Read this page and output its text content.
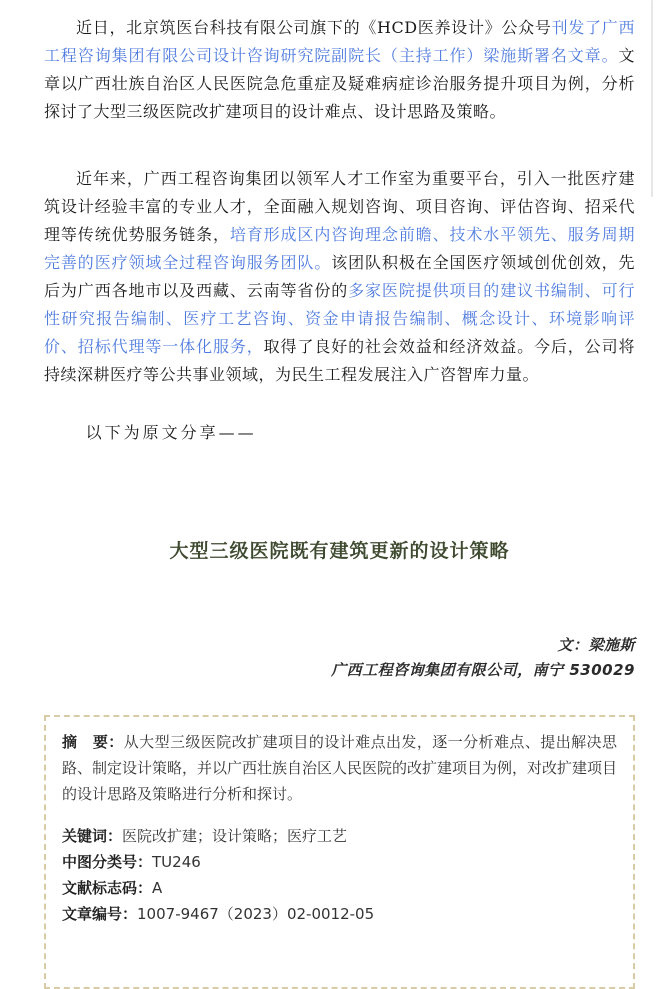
近日，北京筑医台科技有限公司旗下的《HCD医养设计》公众号刊发了广西工程咨询集团有限公司设计咨询研究院副院长（主持工作）梁施斯署名文章。文章以广西壮族自治区人民医院急危重症及疑难病症诊治服务提升项目为例，分析探讨了大型三级医院改扩建项目的设计难点、设计思路及策略。

近年来，广西工程咨询集团以领军人才工作室为重要平台，引入一批医疗建筑设计经验丰富的专业人才，全面融入规划咨询、项目咨询、评估咨询、招采代理等传统优势服务链条，培育形成区内咨询理念前瞻、技术水平领先、服务周期完善的医疗领域全过程咨询服务团队。该团队积极在全国医疗领域创优创效，先后为广西各地市以及西藏、云南等省份的多家医院提供项目的建议书编制、可行性研究报告编制、医疗工艺咨询、资金申请报告编制、概念设计、环境影响评价、招标代理等一体化服务，取得了良好的社会效益和经济效益。今后，公司将持续深耕医疗等公共事业领域，为民生工程发展注入广咨智库力量。

以下为原文分享——

大型三级医院既有建筑更新的设计策略
文：梁施斯
广西工程咨询集团有限公司，南宁 530029

摘　要：从大型三级医院改扩建项目的设计难点出发，逐一分析难点、提出解决思路、制定设计策略，并以广西壮族自治区人民医院的改扩建项目为例，对改扩建项目的设计思路及策略进行分析和探讨。

关键词：医院改扩建；设计策略；医疗工艺

中图分类号：TU246

文献标志码：A

文章编号：1007-9467（2023）02-0012-05
